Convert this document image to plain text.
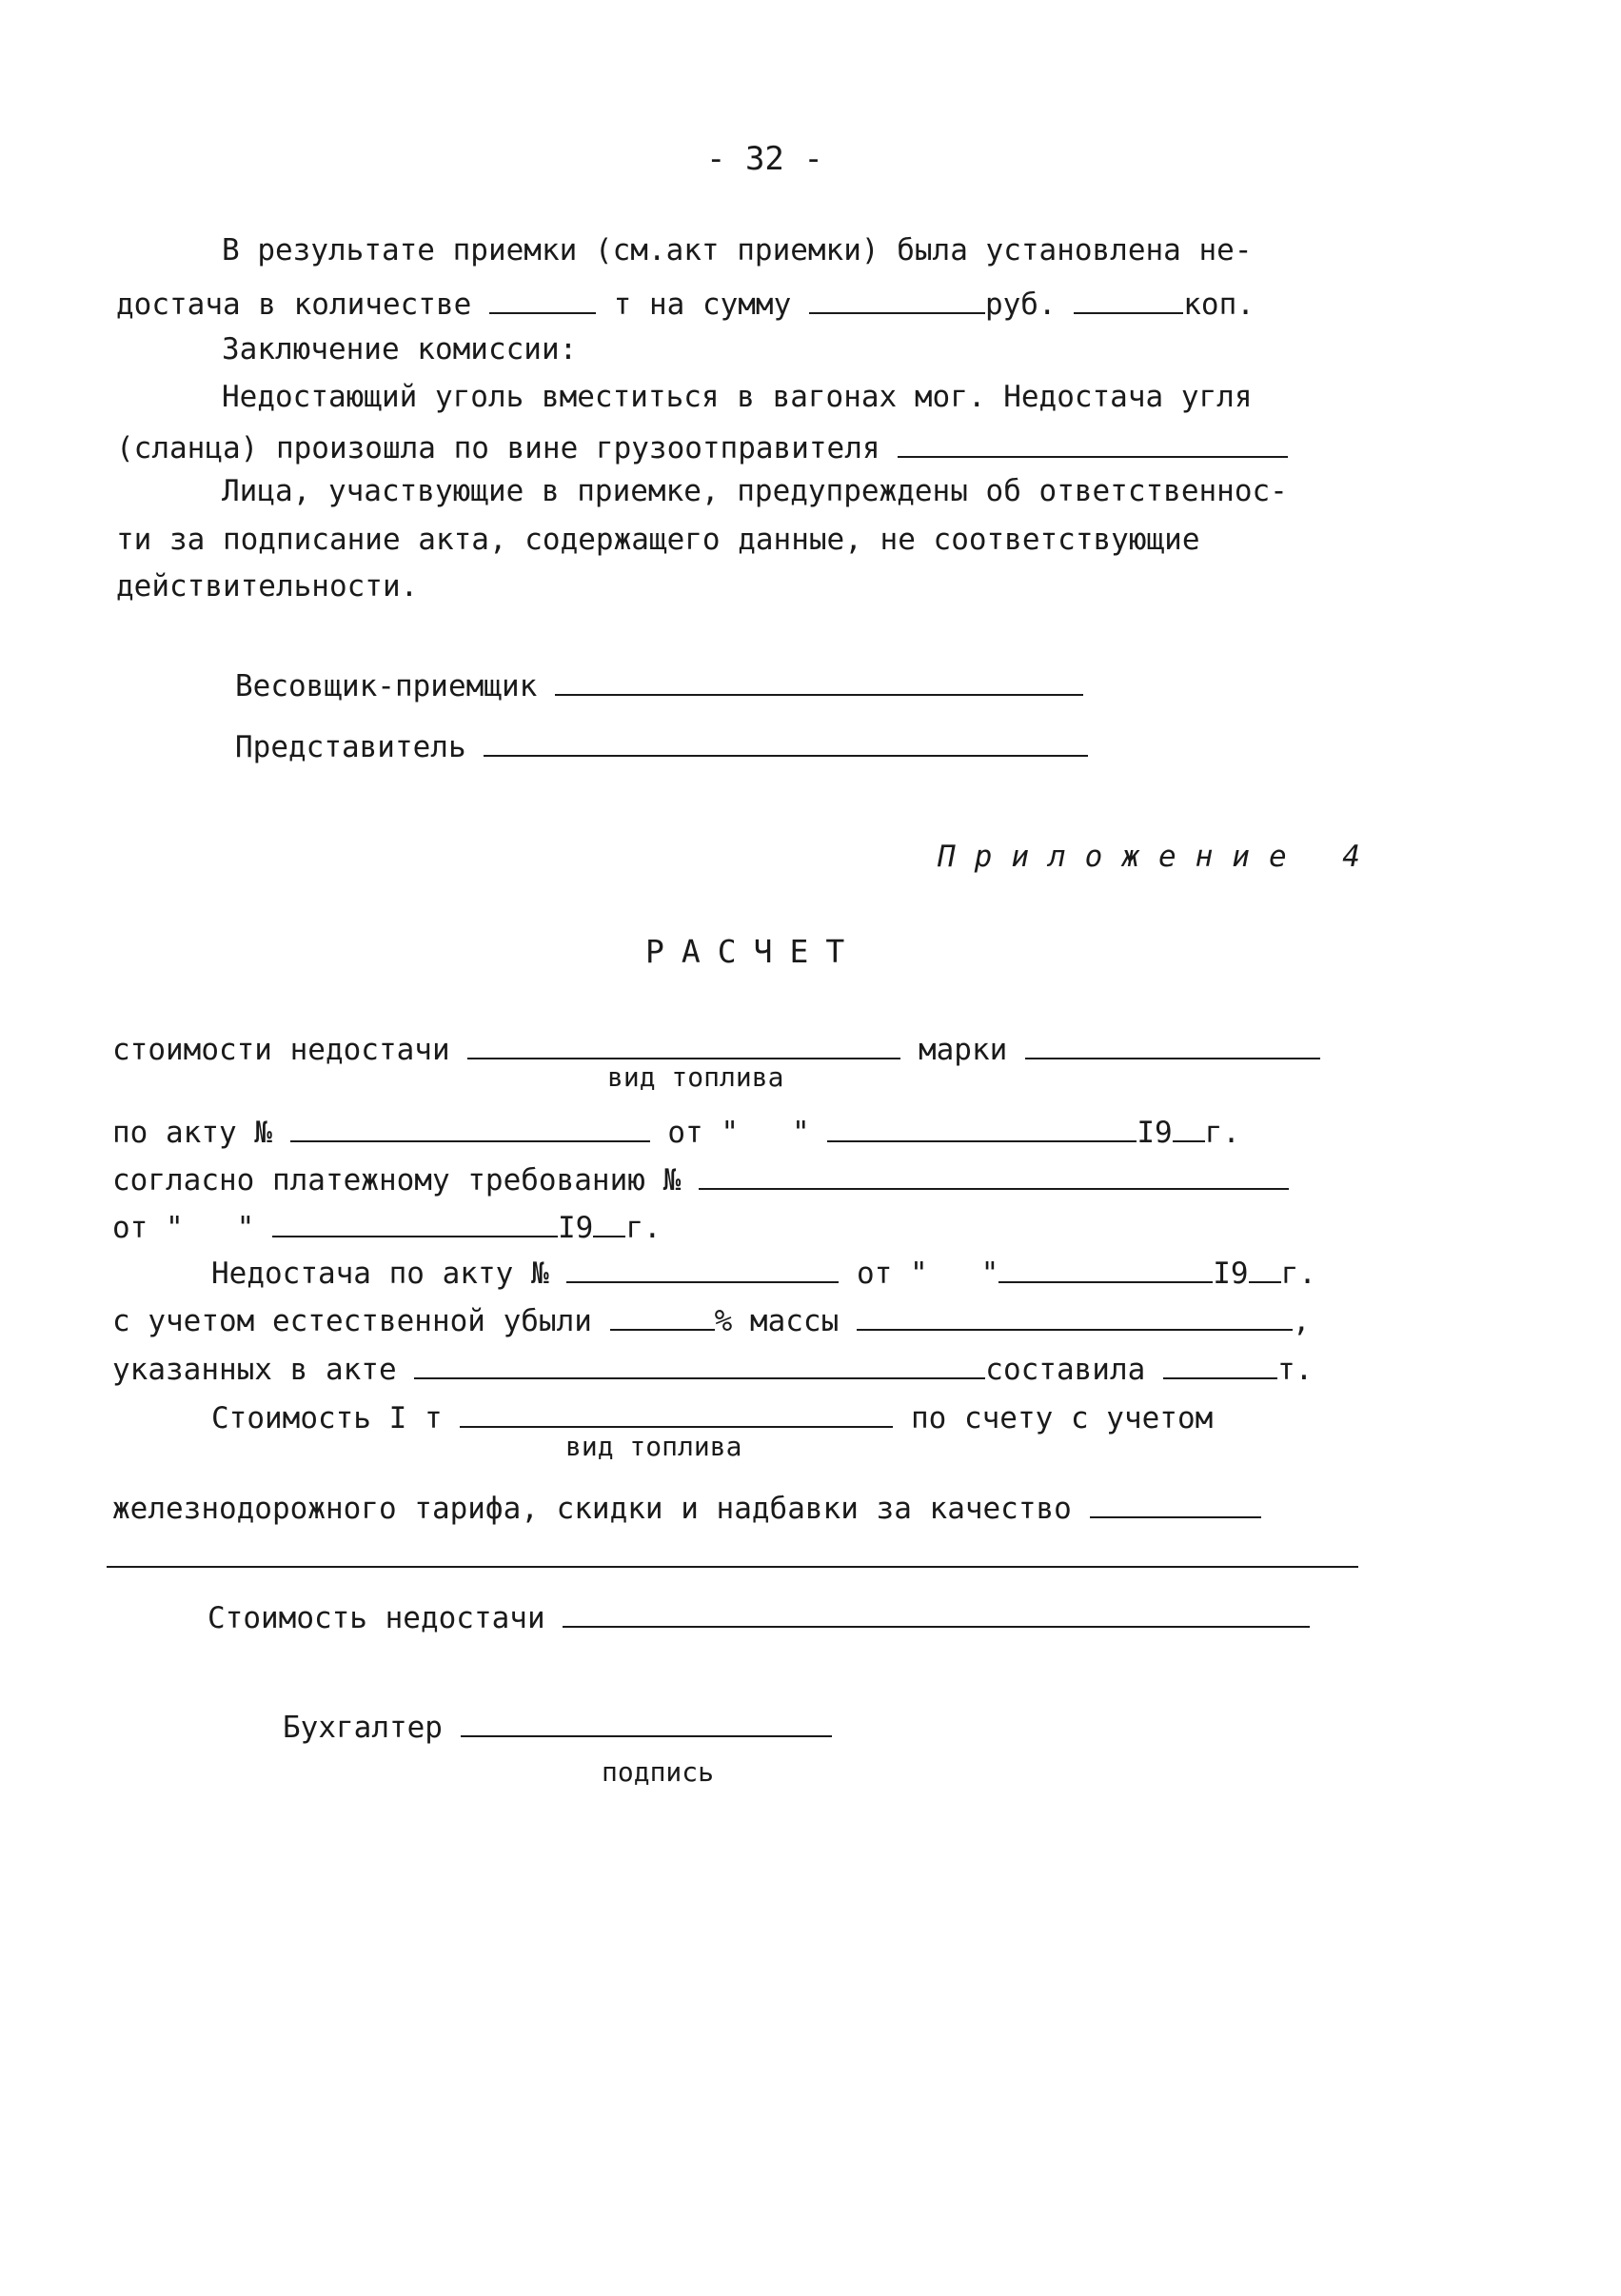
- 32 -
В результате приемки (см.акт приемки) была установлена не-
достача в количестве	т на сумму	руб.	коп.
Заключение комиссии:
Недостающий уголь вместиться в вагонах мог. Недостача угля
(сланца) произошла по вине грузоотправителя
Лица, участвующие в приемке, предупреждены об ответственнос-
ти за подписание акта, содержащего данные, не соответствующие
действительности.
Весовщик-приемщик
Представитель
Приложение 4
РАСЧЕТ
стоимости недостачи	марки
вид топлива
по акту №	от "   "	I9 г.
согласно платежному требованию №
от "   "	I9 г.
Недостача по акту №	от "   "	I9 г.
с учетом естественной убыли	% массы	,
указанных в акте	составила	т.
Стоимость I т	по счету с учетом
вид топлива
железнодорожного тарифа, скидки и надбавки за качество
Стоимость недостачи
Бухгалтер
подпись
